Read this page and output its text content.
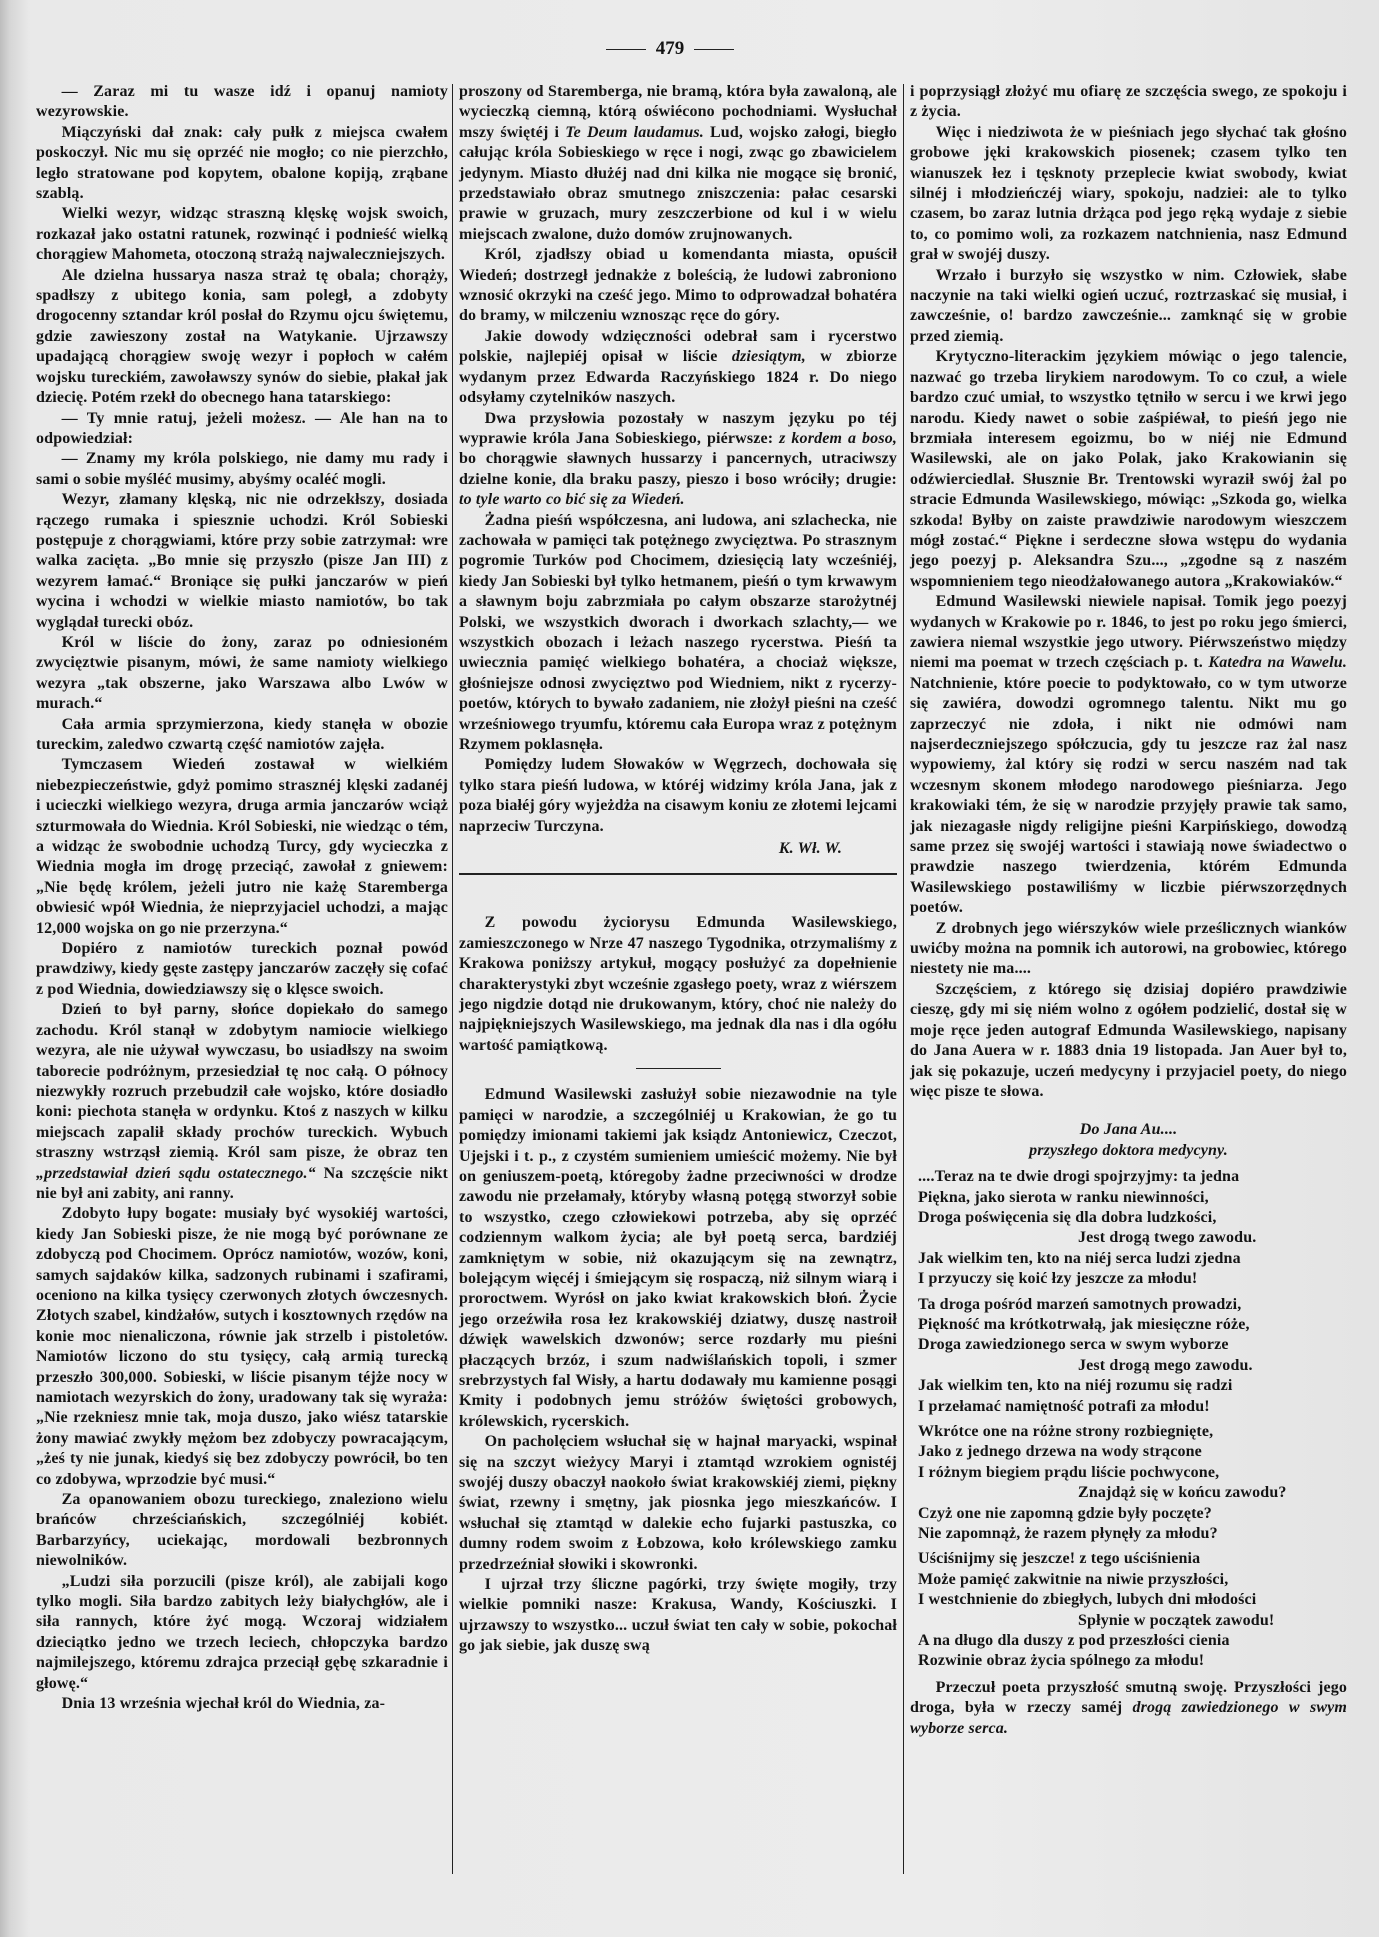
479

— Zaraz mi tu wasze idź i opanuj namioty wezyrowskie.

Miączyński dał znak: cały pułk z miejsca cwałem poskoczył. Nic mu się oprzéć nie mogło; co nie pierzchło, legło stratowane pod kopytem, obalone kopiją, zrąbane szablą.

Wielki wezyr, widząc straszną klęskę wojsk swoich, rozkazał jako ostatni ratunek, rozwinąć i podnieść wielką chorągiew Mahometa, otoczoną strażą najwaleczniejszych.

Ale dzielna hussarya nasza straż tę obala; chorąży, spadłszy z ubitego konia, sam poległ, a zdobyty drogocenny sztandar król posłał do Rzymu ojcu świętemu, gdzie zawieszony został na Watykanie. Ujrzawszy upadającą chorągiew swoję wezyr i popłoch w całém wojsku tureckiém, zawoławszy synów do siebie, płakał jak dziecię. Potém rzekł do obecnego hana tatarskiego:

— Ty mnie ratuj, jeżeli możesz. — Ale han na to odpowiedział:

— Znamy my króla polskiego, nie damy mu rady i sami o sobie myśléć musimy, abyśmy ocaléć mogli.

Wezyr, złamany klęską, nic nie odrzekłszy, dosiada rączego rumaka i spiesznie uchodzi. Król Sobieski postępuje z chorągwiami, które przy sobie zatrzymał: wre walka zacięta. „Bo mnie się przyszło (pisze Jan III) z wezyrem łamać.“ Broniące się pułki janczarów w pień wycina i wchodzi w wielkie miasto namiotów, bo tak wyglądał turecki obóz.

Król w liście do żony, zaraz po odniesioném zwycięztwie pisanym, mówi, że same namioty wielkiego wezyra „tak obszerne, jako Warszawa albo Lwów w murach.“

Cała armia sprzymierzona, kiedy stanęła w obozie tureckim, zaledwo czwartą część namiotów zajęła.

Tymczasem Wiedeń zostawał w wielkiém niebezpieczeństwie, gdyż pomimo strasznéj klęski zadanéj i ucieczki wielkiego wezyra, druga armia janczarów wciąż szturmowała do Wiednia. Król Sobieski, nie wiedząc o tém, a widząc że swobodnie uchodzą Turcy, gdy wycieczka z Wiednia mogła im drogę przeciąć, zawołał z gniewem: „Nie będę królem, jeżeli jutro nie każę Staremberga obwiesić wpół Wiednia, że nieprzyjaciel uchodzi, a mając 12,000 wojska on go nie przerzyna.“

Dopiéro z namiotów tureckich poznał powód prawdziwy, kiedy gęste zastępy janczarów zaczęły się cofać z pod Wiednia, dowiedziawszy się o klęsce swoich.

Dzień to był parny, słońce dopiekało do samego zachodu. Król stanął w zdobytym namiocie wielkiego wezyra, ale nie używał wywczasu, bo usiadłszy na swoim taborecie podróżnym, przesiedział tę noc całą. O północy niezwykły rozruch przebudził całe wojsko, które dosiadło koni: piechota stanęła w ordynku. Ktoś z naszych w kilku miejscach zapalił składy prochów tureckich. Wybuch straszny wstrząsł ziemią. Król sam pisze, że obraz ten „przedstawiał dzień sądu ostatecznego.“ Na szczęście nikt nie był ani zabity, ani ranny.

Zdobyto łupy bogate: musiały być wysokiéj wartości, kiedy Jan Sobieski pisze, że nie mogą być porównane ze zdobyczą pod Chocimem. Oprócz namiotów, wozów, koni, samych sajdaków kilka, sadzonych rubinami i szafirami, oceniono na kilka tysięcy czerwonych złotych ówczesnych. Złotych szabel, kindżałów, sutych i kosztownych rzędów na konie moc nienaliczona, równie jak strzelb i pistoletów. Namiotów liczono do stu tysięcy, całą armią turecką przeszło 300,000. Sobieski, w liście pisanym téjże nocy w namiotach wezyrskich do żony, uradowany tak się wyraża: „Nie rzekniesz mnie tak, moja duszo, jako wiész tatarskie żony mawiać zwykły mężom bez zdobyczy powracającym, „żeś ty nie junak, kiedyś się bez zdobyczy powrócił, bo ten co zdobywa, wprzodzie być musi.“

Za opanowaniem obozu tureckiego, znaleziono wielu brańców chrześciańskich, szczególniéj kobiét. Barbarzyńcy, uciekając, mordowali bezbronnych niewolników.

„Ludzi siła porzucili (pisze król), ale zabijali kogo tylko mogli. Siła bardzo zabitych leży białychgłów, ale i siła rannych, które żyć mogą. Wczoraj widziałem dzieciątko jedno we trzech leciech, chłopczyka bardzo najmilejszego, któremu zdrajca przeciął gębę szkaradnie i głowę.“

Dnia 13 września wjechał król do Wiednia, za-

proszony od Staremberga, nie bramą, która była zawaloną, ale wycieczką ciemną, którą oświécono pochodniami. Wysłuchał mszy świętéj i Te Deum laudamus. Lud, wojsko załogi, biegło całując króla Sobieskiego w ręce i nogi, zwąc go zbawicielem jedynym. Miasto dłużéj nad dni kilka nie mogące się bronić, przedstawiało obraz smutnego zniszczenia: pałac cesarski prawie w gruzach, mury zeszczerbione od kul i w wielu miejscach zwalone, dużo domów zrujnowanych.

Król, zjadłszy obiad u komendanta miasta, opuścił Wiedeń; dostrzegł jednakże z boleścią, że ludowi zabroniono wznosić okrzyki na cześć jego. Mimo to odprowadzał bohatéra do bramy, w milczeniu wznosząc ręce do góry.

Jakie dowody wdzięczności odebrał sam i rycerstwo polskie, najlepiéj opisał w liście dziesiątym, w zbiorze wydanym przez Edwarda Raczyńskiego 1824 r. Do niego odsyłamy czytelników naszych.

Dwa przysłowia pozostały w naszym języku po téj wyprawie króla Jana Sobieskiego, piérwsze: z kordem a boso, bo chorągwie sławnych hussarzy i pancernych, utraciwszy dzielne konie, dla braku paszy, pieszo i boso wróciły; drugie: to tyle warto co bić się za Wiedeń.

Żadna pieśń współczesna, ani ludowa, ani szlachecka, nie zachowała w pamięci tak potężnego zwycięztwa. Po strasznym pogromie Turków pod Chocimem, dziesięcią laty wcześniéj, kiedy Jan Sobieski był tylko hetmanem, pieśń o tym krwawym a sławnym boju zabrzmiała po całym obszarze starożytnéj Polski, we wszystkich dworach i dworkach szlachty,— we wszystkich obozach i leżach naszego rycerstwa. Pieśń ta uwiecznia pamięć wielkiego bohatéra, a chociaż większe, głośniejsze odnosi zwycięztwo pod Wiedniem, nikt z rycerzy-poetów, których to bywało zadaniem, nie złożył pieśni na cześć wrześniowego tryumfu, któremu cała Europa wraz z potężnym Rzymem poklasnęła.

Pomiędzy ludem Słowaków w Węgrzech, dochowała się tylko stara pieśń ludowa, w któréj widzimy króla Jana, jak z poza białéj góry wyjeżdża na cisawym koniu ze złotemi lejcami naprzeciw Turczyna.

K. Wł. W.

Z powodu życiorysu Edmunda Wasilewskiego, zamieszczonego w Nrze 47 naszego Tygodnika, otrzymaliśmy z Krakowa poniższy artykuł, mogący posłużyć za dopełnienie charakterystyki zbyt wcześnie zgasłego poety, wraz z wiérszem jego nigdzie dotąd nie drukowanym, który, choć nie należy do najpiękniejszych Wasilewskiego, ma jednak dla nas i dla ogółu wartość pamiątkową.

Edmund Wasilewski zasłużył sobie niezawodnie na tyle pamięci w narodzie, a szczególniéj u Krakowian, że go tu pomiędzy imionami takiemi jak ksiądz Antoniewicz, Czeczot, Ujejski i t. p., z czystém sumieniem umieścić możemy. Nie był on geniuszem-poetą, któregoby żadne przeciwności w drodze zawodu nie przełamały, któryby własną potęgą stworzył sobie to wszystko, czego człowiekowi potrzeba, aby się oprzéć codziennym walkom życia; ale był poetą serca, bardziéj zamkniętym w sobie, niż okazującym się na zewnątrz, bolejącym więcéj i śmiejącym się rospaczą, niż silnym wiarą i proroctwem. Wyrósł on jako kwiat krakowskich błoń. Życie jego orzeźwiła rosa łez krakowskiéj dziatwy, duszę nastroił dźwięk wawelskich dzwonów; serce rozdarły mu pieśni płaczących brzóz, i szum nadwiślańskich topoli, i szmer srebrzystych fal Wisły, a hartu dodawały mu kamienne posągi Kmity i podobnych jemu stróżów świętości grobowych, królewskich, rycerskich.

On pacholęciem wsłuchał się w hajnał maryacki, wspinał się na szczyt wieżycy Maryi i ztamtąd wzrokiem ognistéj swojéj duszy obaczył naokoło świat krakowskiéj ziemi, piękny świat, rzewny i smętny, jak piosnka jego mieszkańców. I wsłuchał się ztamtąd w dalekie echo fujarki pastuszka, co dumny rodem swoim z Łobzowa, koło królewskiego zamku przedrzeźniał słowiki i skowronki.

I ujrzał trzy śliczne pagórki, trzy święte mogiły, trzy wielkie pomniki nasze: Krakusa, Wandy, Kościuszki. I ujrzawszy to wszystko... uczuł świat ten cały w sobie, pokochał go jak siebie, jak duszę swą

i poprzysiągł złożyć mu ofiarę ze szczęścia swego, ze spokoju i z życia.

Więc i niedziwota że w pieśniach jego słychać tak głośno grobowe jęki krakowskich piosenek; czasem tylko ten wianuszek łez i tęsknoty przeplecie kwiat swobody, kwiat silnéj i młodzieńczéj wiary, spokoju, nadziei: ale to tylko czasem, bo zaraz lutnia drżąca pod jego ręką wydaje z siebie to, co pomimo woli, za rozkazem natchnienia, nasz Edmund grał w swojéj duszy.

Wrzało i burzyło się wszystko w nim. Człowiek, słabe naczynie na taki wielki ogień uczuć, roztrzaskać się musiał, i zawcześnie, o! bardzo zawcześnie... zamknąć się w grobie przed ziemią.

Krytyczno-literackim językiem mówiąc o jego talencie, nazwać go trzeba lirykiem narodowym. To co czuł, a wiele bardzo czuć umiał, to wszystko tętniło w sercu i we krwi jego narodu. Kiedy nawet o sobie zaśpiéwał, to pieśń jego nie brzmiała interesem egoizmu, bo w niéj nie Edmund Wasilewski, ale on jako Polak, jako Krakowianin się odźwierciedlał. Słusznie Br. Trentowski wyraził swój żal po stracie Edmunda Wasilewskiego, mówiąc: „Szkoda go, wielka szkoda! Byłby on zaiste prawdziwie narodowym wieszczem mógł zostać.“ Piękne i serdeczne słowa wstępu do wydania jego poezyj p. Aleksandra Szu..., „zgodne są z naszém wspomnieniem tego nieodżałowanego autora „Krakowiaków.“

Edmund Wasilewski niewiele napisał. Tomik jego poezyj wydanych w Krakowie po r. 1846, to jest po roku jego śmierci, zawiera niemal wszystkie jego utwory. Piérwszeństwo między niemi ma poemat w trzech częściach p. t. Katedra na Wawelu. Natchnienie, które poecie to podyktowało, co w tym utworze się zawiéra, dowodzi ogromnego talentu. Nikt mu go zaprzeczyć nie zdoła, i nikt nie odmówi nam najserdeczniejszego spółczucia, gdy tu jeszcze raz żal nasz wypowiemy, żal który się rodzi w sercu naszém nad tak wczesnym skonem młodego narodowego pieśniarza. Jego krakowiaki tém, że się w narodzie przyjęły prawie tak samo, jak niezagasłe nigdy religijne pieśni Karpińskiego, dowodzą same przez się swojéj wartości i stawiają nowe świadectwo o prawdzie naszego twierdzenia, którém Edmunda Wasilewskiego postawiliśmy w liczbie piérwszorzędnych poetów.

Z drobnych jego wiérszyków wiele prześlicznych wianków uwićby można na pomnik ich autorowi, na grobowiec, którego niestety nie ma....

Szczęściem, z którego się dzisiaj dopiéro prawdziwie cieszę, gdy mi się niém wolno z ogółem podzielić, dostał się w moje ręce jeden autograf Edmunda Wasilewskiego, napisany do Jana Auera w r. 1883 dnia 19 listopada. Jan Auer był to, jak się pokazuje, uczeń medycyny i przyjaciel poety, do niego więc pisze te słowa.

Do Jana Au....
przyszłego doktora medycyny.
....Teraz na te dwie drogi spojrzyjmy: ta jedna
Piękna, jako sierota w ranku niewinności,
Droga poświęcenia się dla dobra ludzkości,
Jest drogą twego zawodu.
Jak wielkim ten, kto na niéj serca ludzi zjedna
I przyuczy się koić łzy jeszcze za młodu!
Ta droga pośród marzeń samotnych prowadzi,
Piękność ma krótkotrwałą, jak miesięczne róże,
Droga zawiedzionego serca w swym wyborze
Jest drogą mego zawodu.
Jak wielkim ten, kto na niéj rozumu się radzi
I przełamać namiętność potrafi za młodu!
Wkrótce one na różne strony rozbiegnięte,
Jako z jednego drzewa na wody strącone
I różnym biegiem prądu liście pochwycone,
Znajdąż się w końcu zawodu?
Czyż one nie zapomną gdzie były poczęte?
Nie zapomnąż, że razem płynęły za młodu?
Uściśnijmy się jeszcze! z tego uściśnienia
Może pamięć zakwitnie na niwie przyszłości,
I westchnienie do zbiegłych, lubych dni młodości
Spłynie w początek zawodu!
A na długo dla duszy z pod przeszłości cienia
Rozwinie obraz życia spólnego za młodu!

Przeczuł poeta przyszłość smutną swoję. Przyszłości jego droga, była w rzeczy saméj drogą zawiedzionego w swym wyborze serca.
